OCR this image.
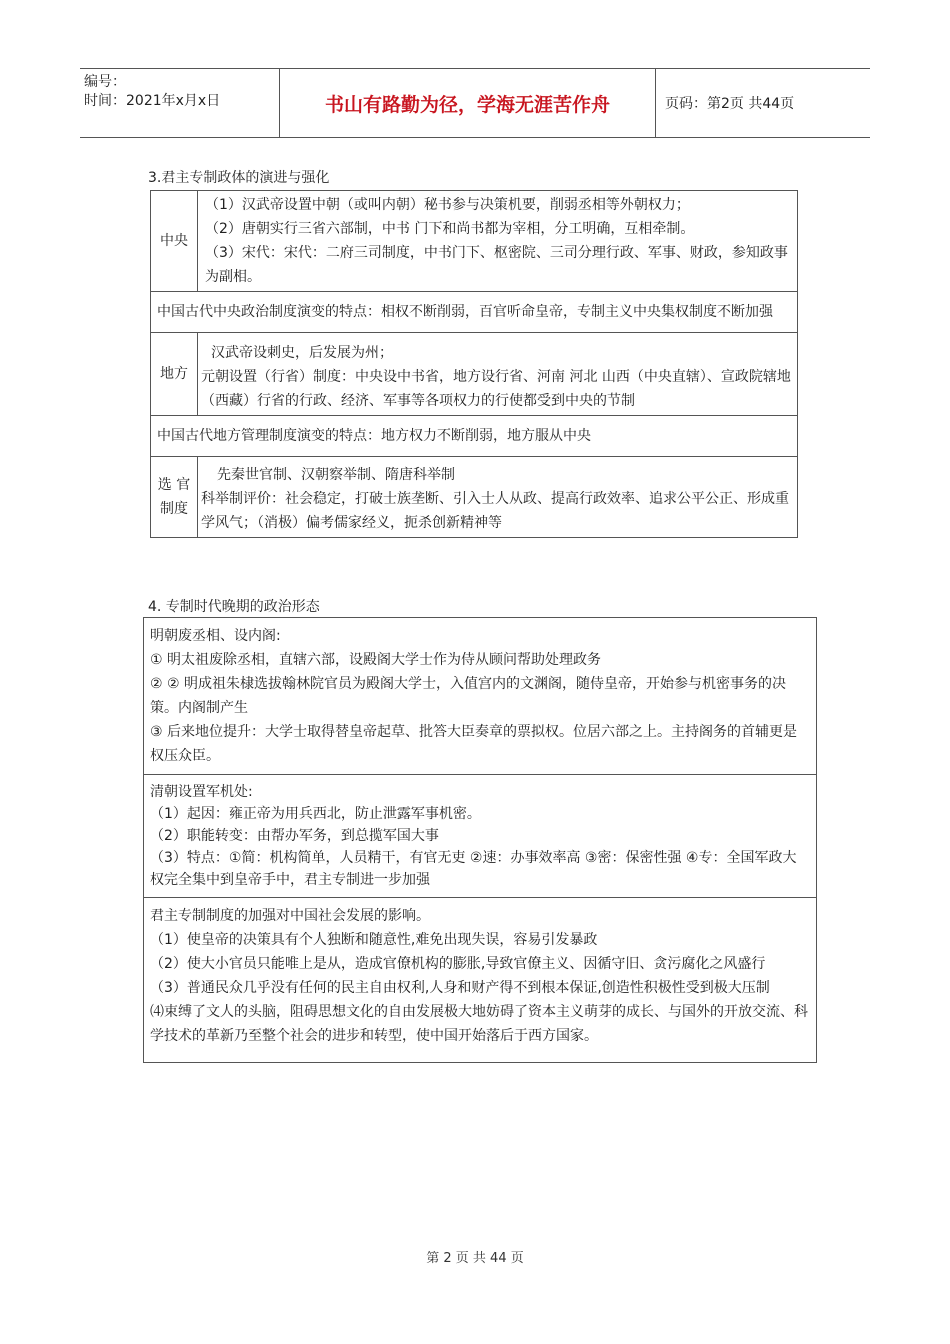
编号：
时间：2021年x月x日	书山有路勤为径，学海无涯苦作舟	页码：第2页 共44页
3.君主专制政体的演进与强化
中央	（1）汉武帝设置中朝（或叫内朝）秘书参与决策机要，削弱丞相等外朝权力；
（2）唐朝实行三省六部制，中书 门下和尚书都为宰相，分工明确，互相牵制。
（3）宋代：宋代：二府三司制度，中书门下、枢密院、三司分理行政、军事、财政，参知政事为副相。

中国古代中央政治制度演变的特点：相权不断削弱，百官听命皇帝，专制主义中央集权制度不断加强	
地方	汉武帝设刺史，后发展为州；
元朝设置（行省）制度：中央设中书省，地方设行省、河南 河北 山西（中央直辖）、宣政院辖地（西藏）行省的行政、经济、军事等各项权力的行使都受到中央的节制

中国古代地方管理制度演变的特点：地方权力不断削弱，地方服从中央	

选 官
制度	先秦世官制、汉朝察举制、隋唐科举制
科举制评价：社会稳定，打破士族垄断、引入士人从政、提高行政效率、追求公平公正、形成重学风气；（消极）偏考儒家经义，扼杀创新精神等
4. 专制时代晚期的政治形态
明朝废丞相、设内阁:
① 明太祖废除丞相，直辖六部，设殿阁大学士作为侍从顾问帮助处理政务
② ② 明成祖朱棣选拔翰林院官员为殿阁大学士，入值宫内的文渊阁，随侍皇帝，开始参与机密事务的决策。内阁制产生
③ 后来地位提升：大学士取得替皇帝起草、批答大臣奏章的票拟权。位居六部之上。主持阁务的首辅更是权压众臣。

清朝设置军机处:
（1）起因：雍正帝为用兵西北，防止泄露军事机密。
（2）职能转变：由帮办军务，到总揽军国大事
（3）特点：①简：机构简单，人员精干，有官无吏 ②速：办事效率高 ③密：保密性强 ④专：全国军政大权完全集中到皇帝手中，君主专制进一步加强

君主专制制度的加强对中国社会发展的影响。
（1）使皇帝的决策具有个人独断和随意性,难免出现失误，容易引发暴政
（2）使大小官员只能唯上是从，造成官僚机构的膨胀,导致官僚主义、因循守旧、贪污腐化之风盛行
（3）普通民众几乎没有任何的民主自由权利,人身和财产得不到根本保证,创造性积极性受到极大压制
⑷束缚了文人的头脑，阻碍思想文化的自由发展极大地妨碍了资本主义萌芽的成长、与国外的开放交流、科学技术的革新乃至整个社会的进步和转型，使中国开始落后于西方国家。
第 2 页 共 44 页
